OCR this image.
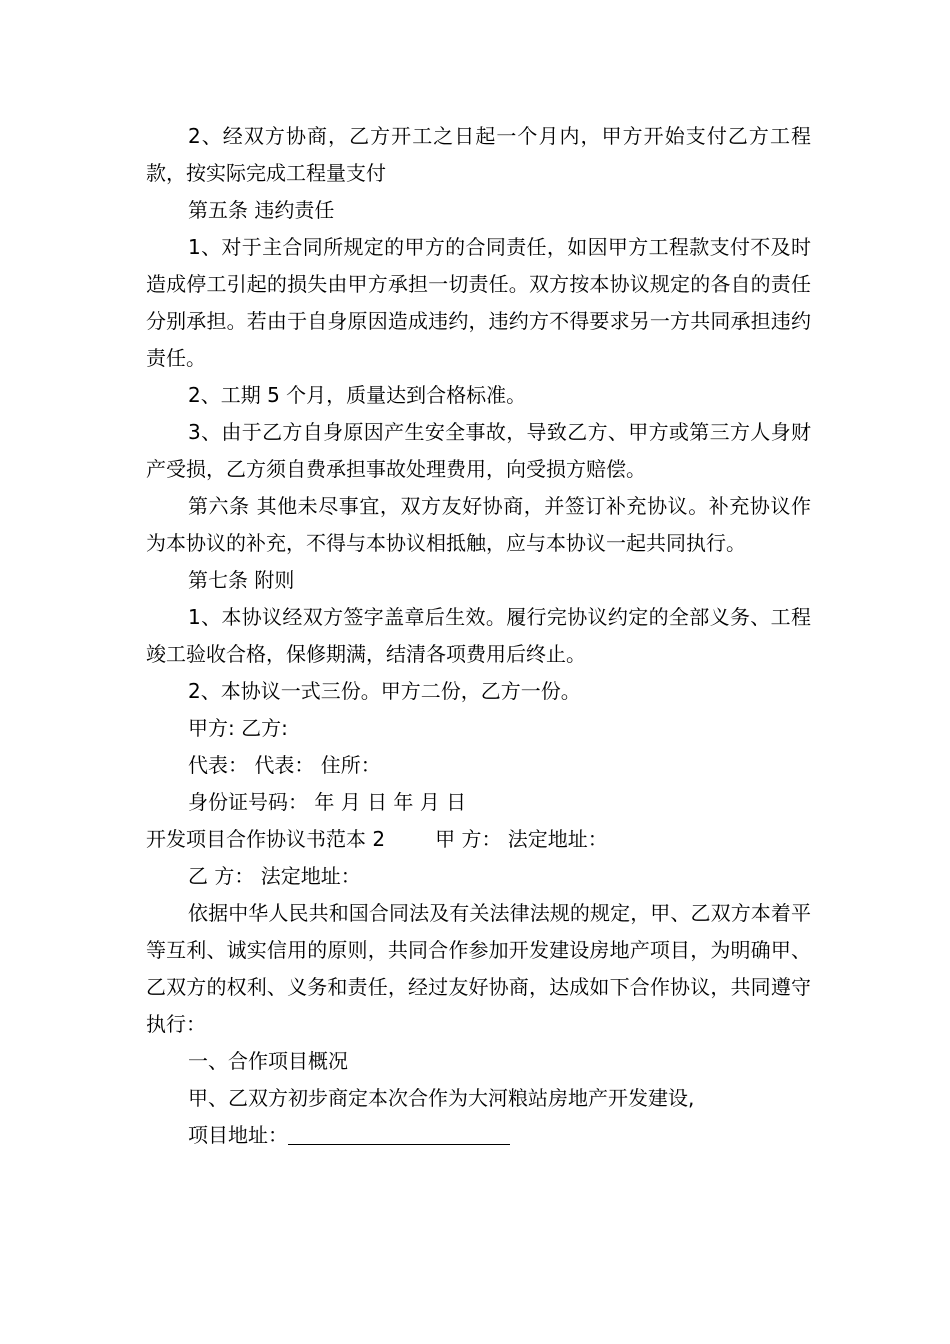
2、经双方协商，乙方开工之日起一个月内，甲方开始支付乙方工程款，按实际完成工程量支付

第五条 违约责任

1、对于主合同所规定的甲方的合同责任，如因甲方工程款支付不及时造成停工引起的损失由甲方承担一切责任。双方按本协议规定的各自的责任分别承担。若由于自身原因造成违约，违约方不得要求另一方共同承担违约责任。

2、工期 5 个月，质量达到合格标准。

3、由于乙方自身原因产生安全事故，导致乙方、甲方或第三方人身财产受损，乙方须自费承担事故处理费用，向受损方赔偿。

第六条 其他未尽事宜，双方友好协商，并签订补充协议。补充协议作为本协议的补充，不得与本协议相抵触，应与本协议一起共同执行。

第七条 附则

1、本协议经双方签字盖章后生效。履行完协议约定的全部义务、工程竣工验收合格，保修期满，结清各项费用后终止。

2、本协议一式三份。甲方二份，乙方一份。

甲方: 乙方:

代表： 代表： 住所：

身份证号码： 年 月 日 年 月 日

开发项目合作协议书范本 2	甲 方： 法定地址：

乙 方： 法定地址：

依据中华人民共和国合同法及有关法律法规的规定，甲、乙双方本着平等互利、诚实信用的原则，共同合作参加开发建设房地产项目，为明确甲、乙双方的权利、义务和责任，经过友好协商，达成如下合作协议，共同遵守执行：

一、合作项目概况

甲、乙双方初步商定本次合作为大河粮站房地产开发建设,

项目地址：
